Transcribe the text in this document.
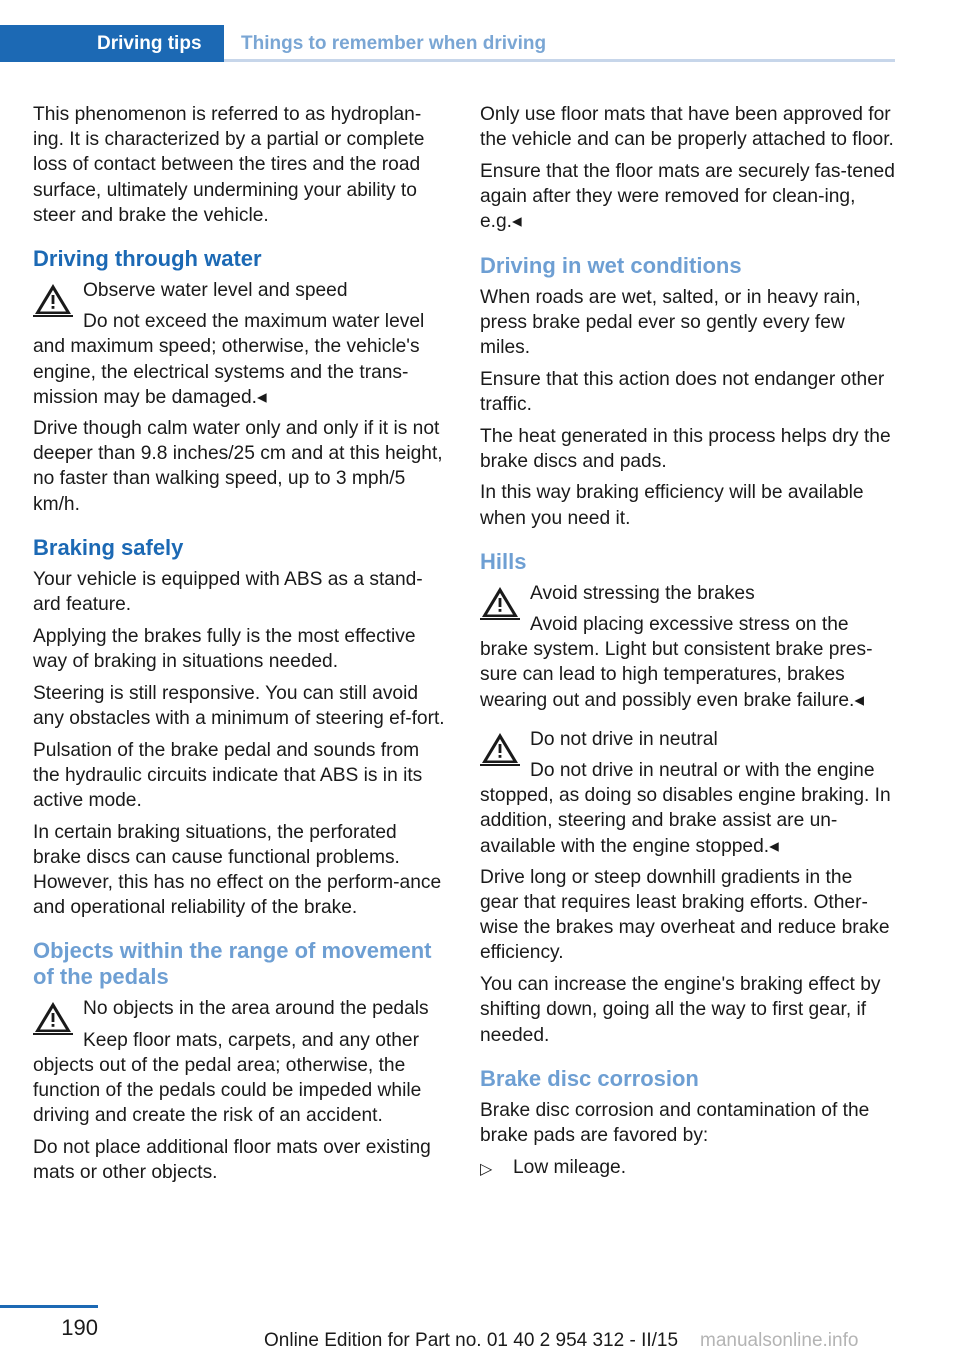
Driving tips	Things to remember when driving

This phenomenon is referred to as hydroplan-ing. It is characterized by a partial or complete loss of contact between the tires and the road surface, ultimately undermining your ability to steer and brake the vehicle.

Driving through water
Observe water level and speed
Do not exceed the maximum water level and maximum speed; otherwise, the vehicle's engine, the electrical systems and the trans-mission may be damaged.◂

Drive though calm water only and only if it is not deeper than 9.8 inches/25 cm and at this height, no faster than walking speed, up to 3 mph/5 km/h.

Braking safely

Your vehicle is equipped with ABS as a stand-ard feature.

Applying the brakes fully is the most effective way of braking in situations needed.

Steering is still responsive. You can still avoid any obstacles with a minimum of steering ef-fort.

Pulsation of the brake pedal and sounds from the hydraulic circuits indicate that ABS is in its active mode.

In certain braking situations, the perforated brake discs can cause functional problems. However, this has no effect on the perform-ance and operational reliability of the brake.

Objects within the range of movement of the pedals
No objects in the area around the pedals
Keep floor mats, carpets, and any other objects out of the pedal area; otherwise, the function of the pedals could be impeded while driving and create the risk of an accident.

Do not place additional floor mats over existing mats or other objects.

Only use floor mats that have been approved for the vehicle and can be properly attached to floor.

Ensure that the floor mats are securely fas-tened again after they were removed for clean-ing, e.g.◂

Driving in wet conditions

When roads are wet, salted, or in heavy rain, press brake pedal ever so gently every few miles.

Ensure that this action does not endanger other traffic.

The heat generated in this process helps dry the brake discs and pads.

In this way braking efficiency will be available when you need it.

Hills
Avoid stressing the brakes
Avoid placing excessive stress on the brake system. Light but consistent brake pres-sure can lead to high temperatures, brakes wearing out and possibly even brake failure.◂
Do not drive in neutral
Do not drive in neutral or with the engine stopped, as doing so disables engine braking. In addition, steering and brake assist are un-available with the engine stopped.◂

Drive long or steep downhill gradients in the gear that requires least braking efforts. Other-wise the brakes may overheat and reduce brake efficiency.

You can increase the engine's braking effect by shifting down, going all the way to first gear, if needed.

Brake disc corrosion

Brake disc corrosion and contamination of the brake pads are favored by:

▷ Low mileage.
190
Online Edition for Part no. 01 40 2 954 312 - II/15 manualsonline.info
